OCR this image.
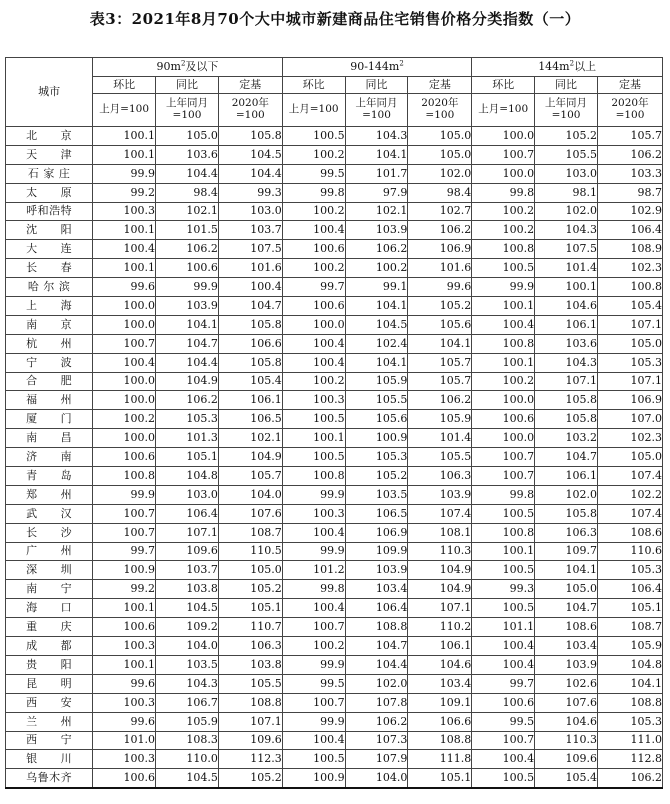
表3：2021年8月70个大中城市新建商品住宅销售价格分类指数（一）
城市	$90m^2$及以下			$90-144m^2$			$144m^2$以上		
	环比	同比	定基	环比	同比	定基	环比	同比	定基
	上月=100	上年同月=100	2020年=100	上月=100	上年同月=100	2020年=100	上月=100	上年同月=100	2020年=100
北　　京	100.1	105.0	105.8	100.5	104.3	105.0	100.0	105.2	105.7
天　　津	100.1	103.6	104.5	100.2	104.1	105.0	100.7	105.5	106.2
石 家 庄	99.9	104.4	104.4	99.5	101.7	102.0	100.0	103.0	103.3
太　　原	99.2	98.4	99.3	99.8	97.9	98.4	99.8	98.1	98.7
呼和浩特	100.3	102.1	103.0	100.2	102.1	102.7	100.2	102.0	102.9
沈　　阳	100.1	101.5	103.7	100.4	103.9	106.2	100.2	104.3	106.4
大　　连	100.4	106.2	107.5	100.6	106.2	106.9	100.8	107.5	108.9
长　　春	100.1	100.6	101.6	100.2	100.2	101.6	100.5	101.4	102.3
哈 尔 滨	99.6	99.9	100.4	99.7	99.1	99.6	99.9	100.1	100.8
上　　海	100.0	103.9	104.7	100.6	104.1	105.2	100.1	104.6	105.4
南　　京	100.0	104.1	105.8	100.0	104.5	105.6	100.4	106.1	107.1
杭　　州	100.7	104.7	106.6	100.4	102.4	104.1	100.8	103.6	105.0
宁　　波	100.4	104.4	105.8	100.4	104.1	105.7	100.1	104.3	105.3
合　　肥	100.0	104.9	105.4	100.2	105.9	105.7	100.2	107.1	107.1
福　　州	100.0	106.2	106.1	100.3	105.5	106.2	100.0	105.8	106.9
厦　　门	100.2	105.3	106.5	100.5	105.6	105.9	100.6	105.8	107.0
南　　昌	100.0	101.3	102.1	100.1	100.9	101.4	100.0	103.2	102.3
济　　南	100.6	105.1	104.9	100.5	105.3	105.5	100.7	104.7	105.0
青　　岛	100.8	104.8	105.7	100.8	105.2	106.3	100.7	106.1	107.4
郑　　州	99.9	103.0	104.0	99.9	103.5	103.9	99.8	102.0	102.2
武　　汉	100.7	106.4	107.6	100.3	106.5	107.4	100.5	105.8	107.4
长　　沙	100.7	107.1	108.7	100.4	106.9	108.1	100.8	106.3	108.6
广　　州	99.7	109.6	110.5	99.9	109.9	110.3	100.1	109.7	110.6
深　　圳	100.9	103.7	105.0	101.2	103.9	104.9	100.5	104.1	105.3
南　　宁	99.2	103.8	105.2	99.8	103.4	104.9	99.3	105.0	106.4
海　　口	100.1	104.5	105.1	100.4	106.4	107.1	100.5	104.7	105.1
重　　庆	100.6	109.2	110.7	100.7	108.8	110.2	101.1	108.6	108.7
成　　都	100.3	104.0	106.3	100.2	104.7	106.1	100.4	103.4	105.9
贵　　阳	100.1	103.5	103.8	99.9	104.4	104.6	100.4	103.9	104.8
昆　　明	99.6	104.3	105.5	99.5	102.0	103.4	99.7	102.6	104.1
西　　安	100.3	106.7	108.8	100.7	107.8	109.1	100.6	107.6	108.8
兰　　州	99.6	105.9	107.1	99.9	106.2	106.6	99.5	104.6	105.3
西　　宁	101.0	108.3	109.6	100.4	107.3	108.8	100.7	110.3	111.0
银　　川	100.3	110.0	112.3	100.5	107.9	111.8	100.4	109.6	112.8
乌鲁木齐	100.6	104.5	105.2	100.9	104.0	105.1	100.5	105.4	106.2
